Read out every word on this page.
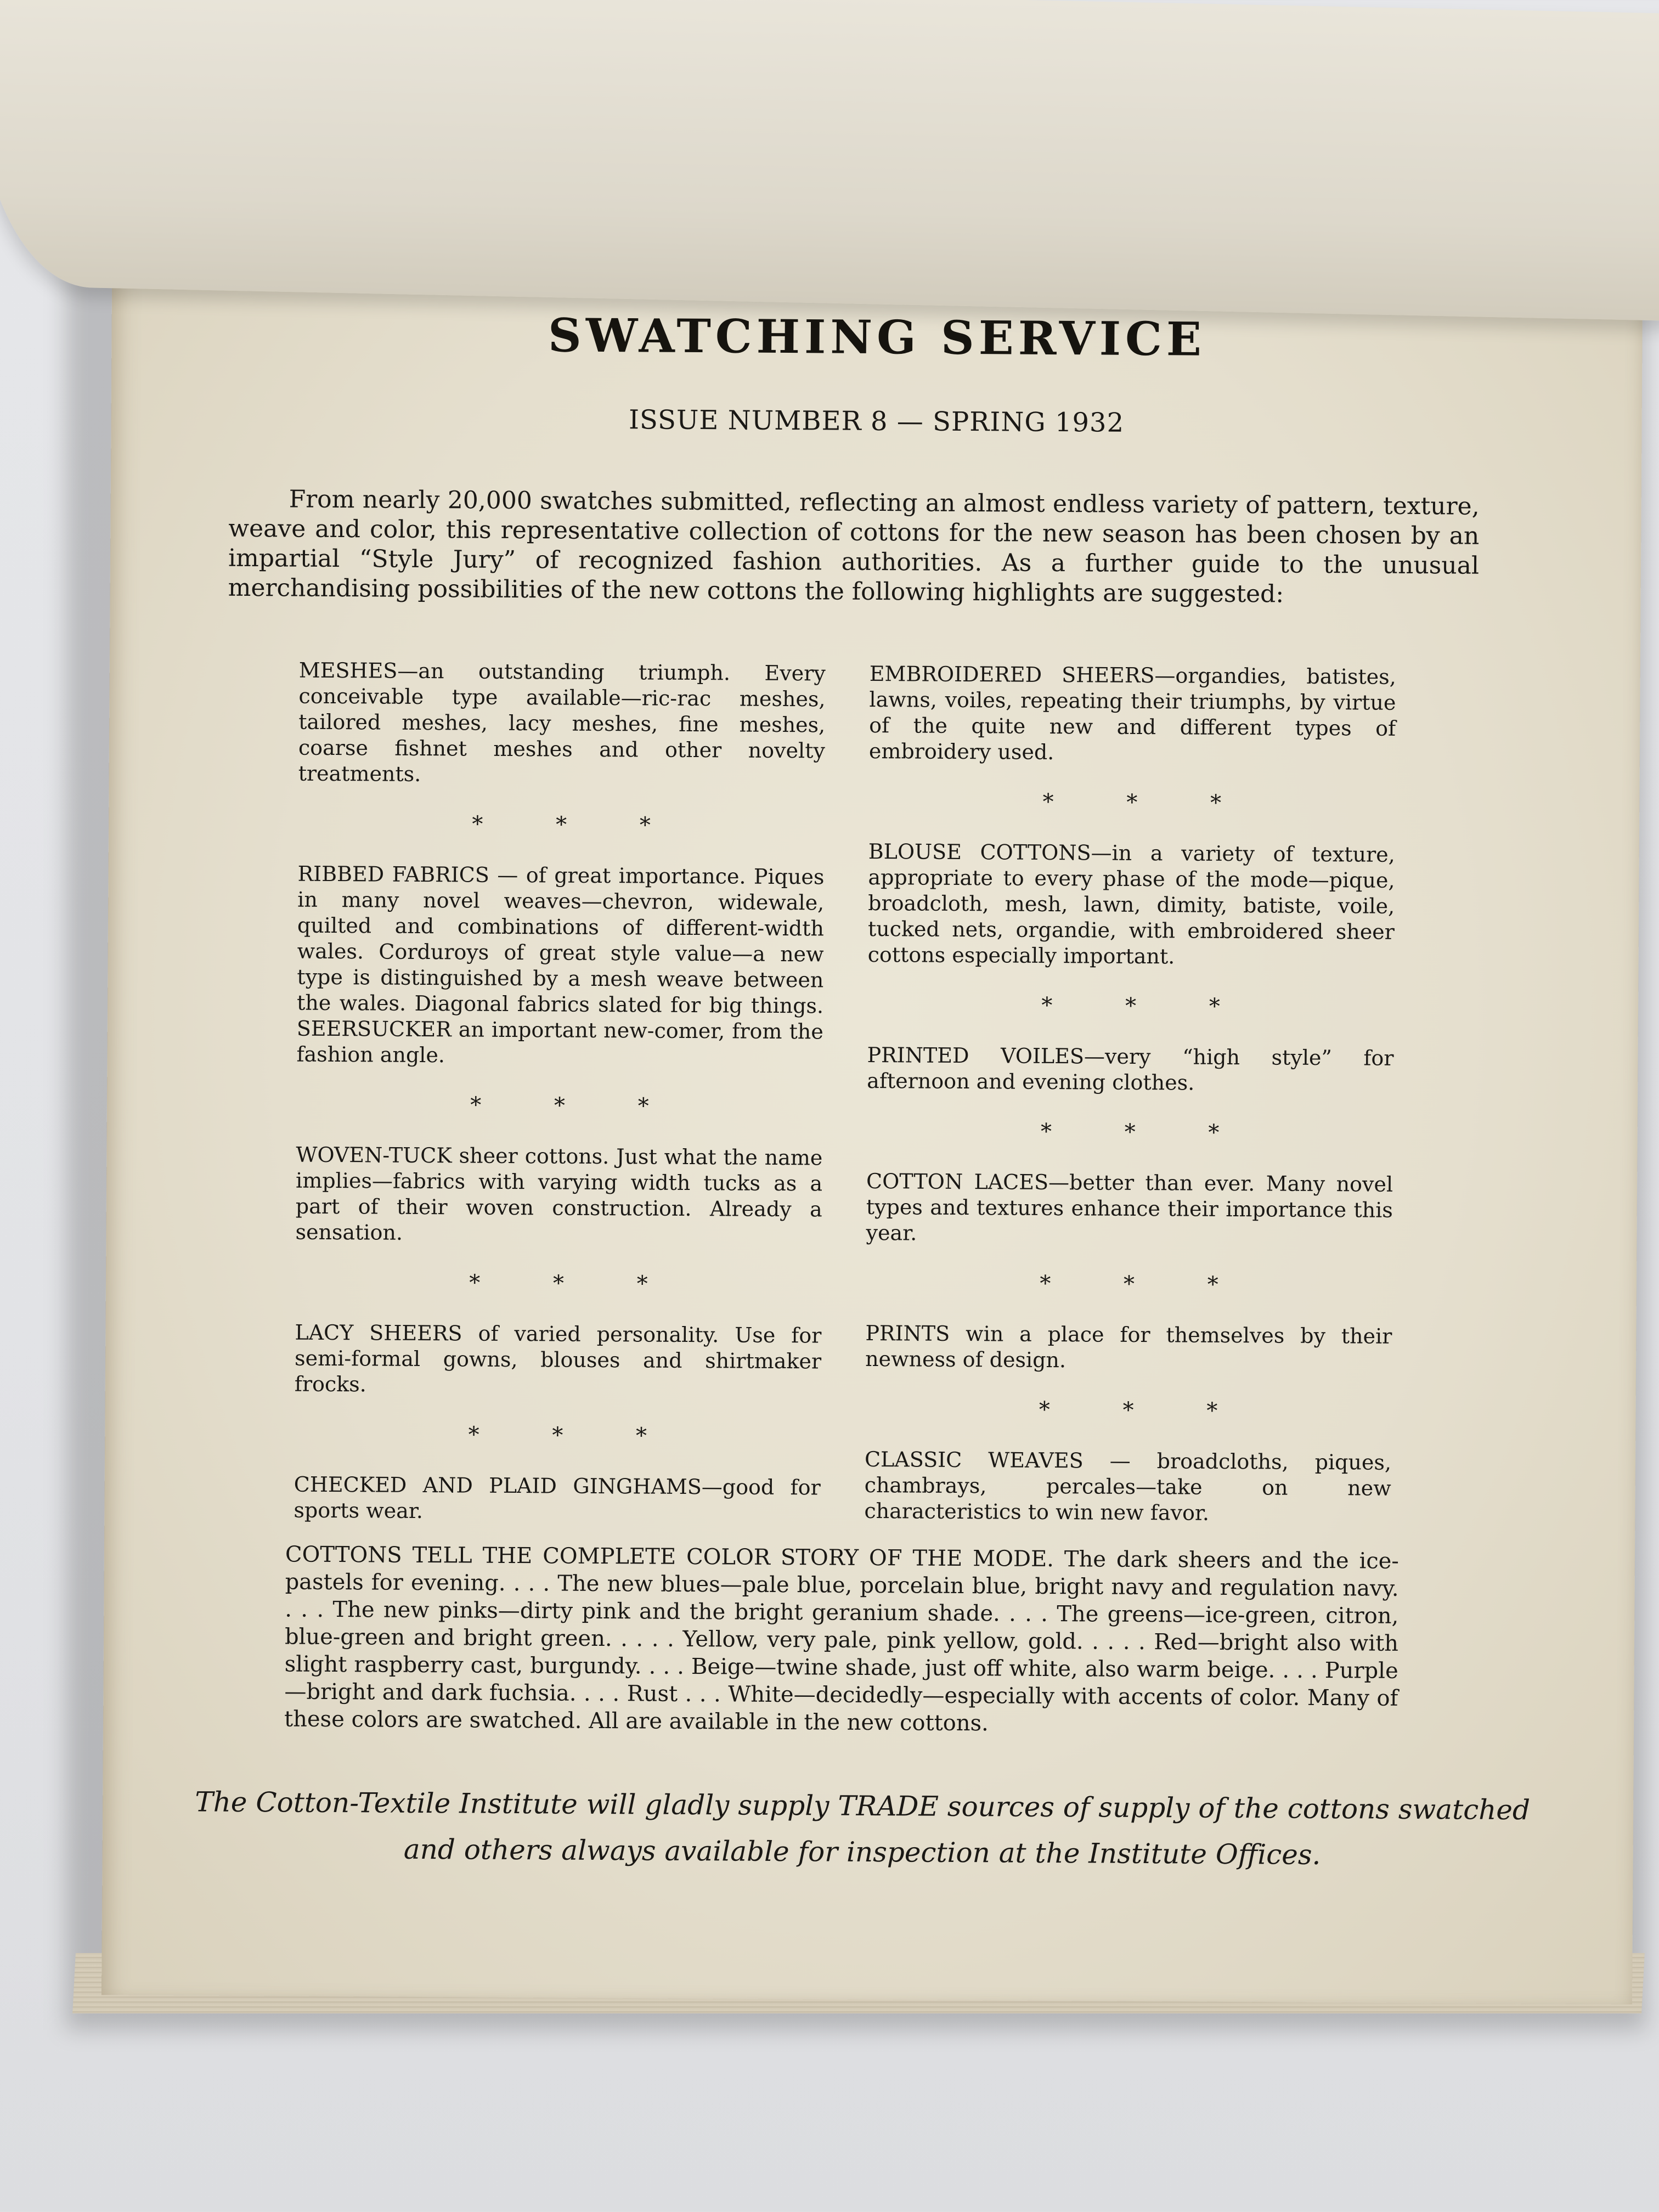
SWATCHING SERVICE
ISSUE NUMBER 8 — SPRING 1932

From nearly 20,000 swatches submitted, reflecting an almost endless variety of pattern, texture, weave and color, this representative collection of cottons for the new season has been chosen by an impartial “Style Jury” of recognized fashion authorities. As a further guide to the unusual merchandising possibilities of the new cottons the following highlights are suggested:

MESHES—an outstanding triumph. Every conceivable type available—ric-rac meshes, tailored meshes, lacy meshes, fine meshes, coarse fishnet meshes and other novelty treatments.
* * *
RIBBED FABRICS — of great importance. Piques in many novel weaves—chevron, widewale, quilted and combinations of different-width wales. Corduroys of great style value—a new type is distinguished by a mesh weave between the wales. Diagonal fabrics slated for big things. SEERSUCKER an important new-comer, from the fashion angle.
* * *
WOVEN-TUCK sheer cottons. Just what the name implies—fabrics with varying width tucks as a part of their woven construction. Already a sensation.
* * *
LACY SHEERS of varied personality. Use for semi-formal gowns, blouses and shirtmaker frocks.
* * *
CHECKED AND PLAID GINGHAMS—good for sports wear.
EMBROIDERED SHEERS—organdies, batistes, lawns, voiles, repeating their triumphs, by virtue of the quite new and different types of embroidery used.
* * *
BLOUSE COTTONS—in a variety of texture, appropriate to every phase of the mode—pique, broadcloth, mesh, lawn, dimity, batiste, voile, tucked nets, organdie, with embroidered sheer cottons especially important.
* * *
PRINTED VOILES—very “high style” for afternoon and evening clothes.
* * *
COTTON LACES—better than ever. Many novel types and textures enhance their importance this year.
* * *
PRINTS win a place for themselves by their newness of design.
* * *
CLASSIC WEAVES — broadcloths, piques, chambrays, percales—take on new characteristics to win new favor.

COTTONS TELL THE COMPLETE COLOR STORY OF THE MODE. The dark sheers and the ice-pastels for evening. . . . The new blues—pale blue, porcelain blue, bright navy and regulation navy. . . . The new pinks—dirty pink and the bright geranium shade. . . . The greens—ice-green, citron, blue-green and bright green. . . . . Yellow, very pale, pink yellow, gold. . . . . Red—bright also with slight raspberry cast, burgundy. . . . Beige—twine shade, just off white, also warm beige. . . . Purple—bright and dark fuchsia. . . . Rust . . . White—decidedly—especially with accents of color. Many of these colors are swatched. All are available in the new cottons.

The Cotton-Textile Institute will gladly supply TRADE sources of supply of the cottons swatched and others always available for inspection at the Institute Offices.
